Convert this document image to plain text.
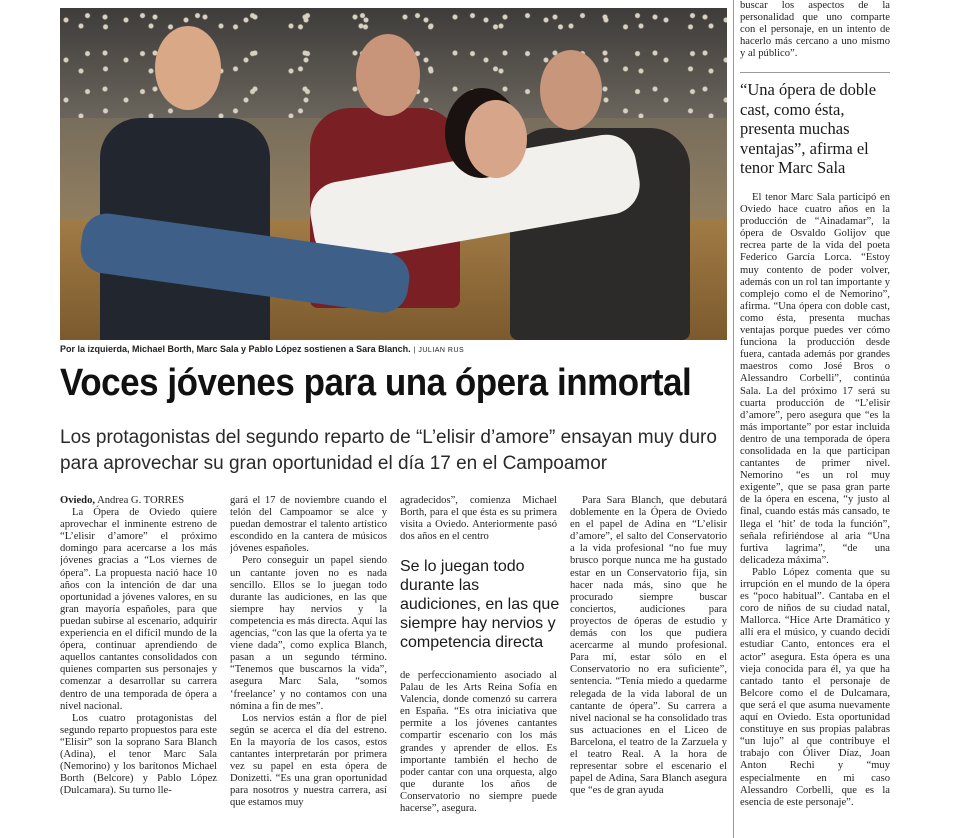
Por la izquierda, Michael Borth, Marc Sala y Pablo López sostienen a Sara Blanch. | JULIAN RUS
Voces jóvenes para una ópera inmortal
Los protagonistas del segundo reparto de “L’elisir d’amore” ensayan muy duro para aprovechar su gran oportunidad el día 17 en el Campoamor

Oviedo, Andrea G. TORRES

La Ópera de Oviedo quiere aprovechar el inminente estreno de “L’elisir d’amore” el próximo domingo para acercarse a los más jóvenes gracias a “Los viernes de ópera”. La propuesta nació hace 10 años con la intención de dar una oportunidad a jóvenes valores, en su gran mayoría españoles, para que puedan subirse al escenario, adquirir experiencia en el difícil mundo de la ópera, continuar aprendiendo de aquellos cantantes consolidados con quienes comparten sus personajes y comenzar a desarrollar su carrera dentro de una temporada de ópera a nivel nacional.

Los cuatro protagonistas del segundo reparto propuestos para este “Elisir” son la soprano Sara Blanch (Adina), el tenor Marc Sala (Nemorino) y los barítonos Michael Borth (Belcore) y Pablo López (Dulcamara). Su turno lle-

gará el 17 de noviembre cuando el telón del Campoamor se alce y puedan demostrar el talento artístico escondido en la cantera de músicos jóvenes españoles.

Pero conseguir un papel siendo un cantante joven no es nada sencillo. Ellos se lo juegan todo durante las audiciones, en las que siempre hay nervios y la competencia es más directa. Aquí las agencias, “con las que la oferta ya te viene dada”, como explica Blanch, pasan a un segundo término. “Tenemos que buscarnos la vida”, asegura Marc Sala, “somos ‘freelance’ y no contamos con una nómina a fin de mes”.

Los nervios están a flor de piel según se acerca el día del estreno. En la mayoría de los casos, estos cantantes interpretarán por primera vez su papel en esta ópera de Donizetti. “Es una gran oportunidad para nosotros y nuestra carrera, así que estamos muy

agradecidos”, comienza Michael Borth, para el que ésta es su primera visita a Oviedo. Anteriormente pasó dos años en el centro

Se lo juegan todo durante las audiciones, en las que siempre hay nervios y competencia directa

de perfeccionamiento asociado al Palau de les Arts Reina Sofía en Valencia, donde comenzó su carrera en España. “Es otra iniciativa que permite a los jóvenes cantantes compartir escenario con los más grandes y aprender de ellos. Es importante también el hecho de poder cantar con una orquesta, algo que durante los años de Conservatorio no siempre puede hacerse”, asegura.

Para Sara Blanch, que debutará doblemente en la Ópera de Oviedo en el papel de Adina en “L’elisir d’amore”, el salto del Conservatorio a la vida profesional “no fue muy brusco porque nunca me ha gustado estar en un Conservatorio fija, sin hacer nada más, sino que he procurado siempre buscar conciertos, audiciones para proyectos de óperas de estudio y demás con los que pudiera acercarme al mundo profesional. Para mí, estar sólo en el Conservatorio no era suficiente”, sentencia. “Tenía miedo a quedarme relegada de la vida laboral de un cantante de ópera”. Su carrera a nivel nacional se ha consolidado tras sus actuaciones en el Liceo de Barcelona, el teatro de la Zarzuela y el teatro Real. A la hora de representar sobre el escenario el papel de Adina, Sara Blanch asegura que “es de gran ayuda

buscar los aspectos de la personalidad que uno comparte con el personaje, en un intento de hacerlo más cercano a uno mismo y al público”.

“Una ópera de doble cast, como ésta, presenta muchas ventajas”, afirma el tenor Marc Sala

El tenor Marc Sala participó en Oviedo hace cuatro años en la producción de “Ainadamar”, la ópera de Osvaldo Golijov que recrea parte de la vida del poeta Federico García Lorca. “Estoy muy contento de poder volver, además con un rol tan importante y complejo como el de Nemorino”, afirma. “Una ópera con doble cast, como ésta, presenta muchas ventajas porque puedes ver cómo funciona la producción desde fuera, cantada además por grandes maestros como José Bros o Alessandro Corbelli”, continúa Sala. La del próximo 17 será su cuarta producción de “L’elisir d’amore”, pero asegura que “es la más importante” por estar incluida dentro de una temporada de ópera consolidada en la que participan cantantes de primer nivel. Nemorino “es un rol muy exigente”, que se pasa gran parte de la ópera en escena, “y justo al final, cuando estás más cansado, te llega el ‘hit’ de toda la función”, señala refiriéndose al aria “Una furtiva lagrima”, “de una delicadeza máxima”.

Pablo López comenta que su irrupción en el mundo de la ópera es “poco habitual”. Cantaba en el coro de niños de su ciudad natal, Mallorca. “Hice Arte Dramático y allí era el músico, y cuando decidí estudiar Canto, entonces era el actor” asegura. Esta ópera es una vieja conocida para él, ya que ha cantado tanto el personaje de Belcore como el de Dulcamara, que será el que asuma nuevamente aquí en Oviedo. Esta oportunidad constituye en sus propias palabras “un lujo” al que contribuye el trabajo con Óliver Díaz, Joan Anton Rechi y “muy especialmente en mi caso Alessandro Corbelli, que es la esencia de este personaje”.
